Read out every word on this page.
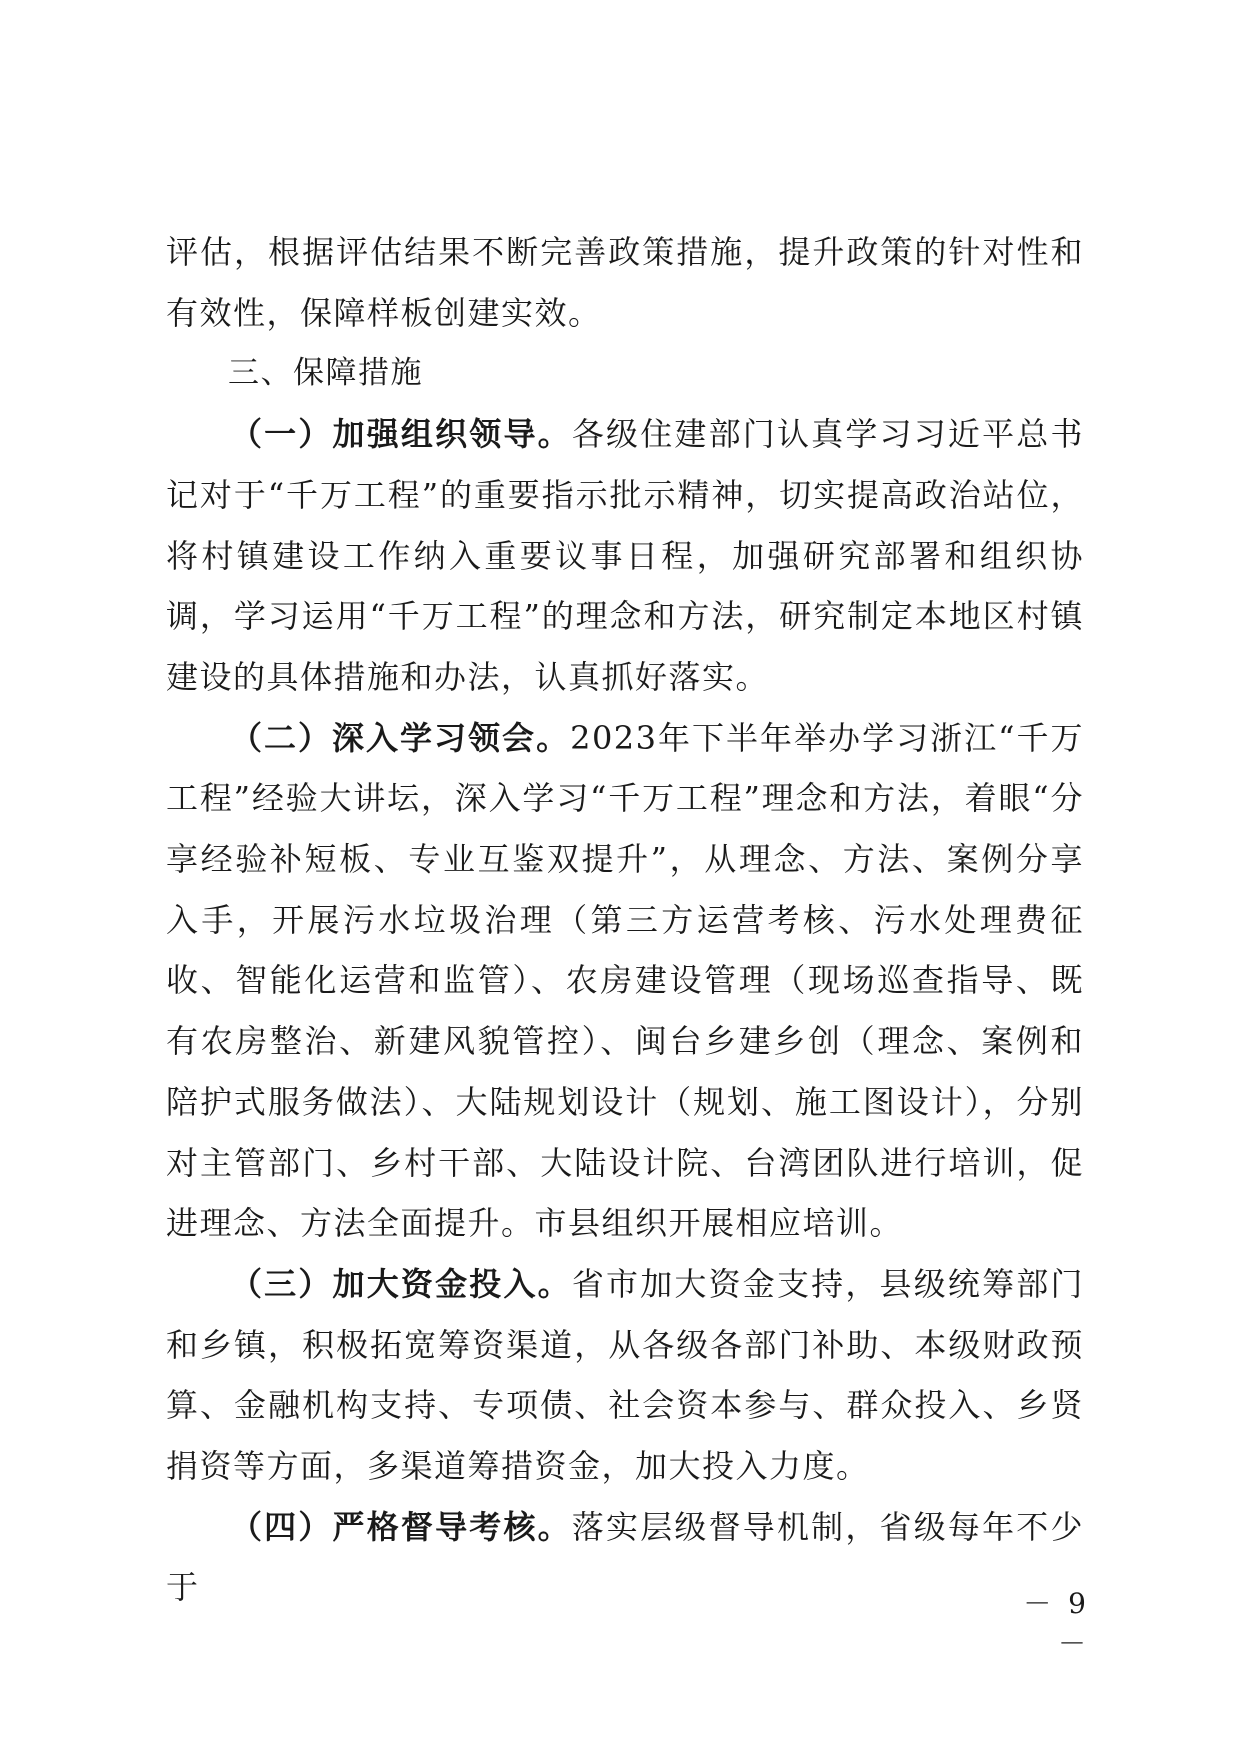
评估，根据评估结果不断完善政策措施，提升政策的针对性和有效性，保障样板创建实效。

三、保障措施

（一）加强组织领导。各级住建部门认真学习习近平总书记对于“千万工程”的重要指示批示精神，切实提高政治站位，将村镇建设工作纳入重要议事日程，加强研究部署和组织协调，学习运用“千万工程”的理念和方法，研究制定本地区村镇建设的具体措施和办法，认真抓好落实。

（二）深入学习领会。2023年下半年举办学习浙江“千万工程”经验大讲坛，深入学习“千万工程”理念和方法，着眼“分享经验补短板、专业互鉴双提升”，从理念、方法、案例分享入手，开展污水垃圾治理（第三方运营考核、污水处理费征收、智能化运营和监管）、农房建设管理（现场巡查指导、既有农房整治、新建风貌管控）、闽台乡建乡创（理念、案例和陪护式服务做法）、大陆规划设计（规划、施工图设计），分别对主管部门、乡村干部、大陆设计院、台湾团队进行培训，促进理念、方法全面提升。市县组织开展相应培训。

（三）加大资金投入。省市加大资金支持，县级统筹部门和乡镇，积极拓宽筹资渠道，从各级各部门补助、本级财政预算、金融机构支持、专项债、社会资本参与、群众投入、乡贤捐资等方面，多渠道筹措资金，加大投入力度。

（四）严格督导考核。落实层级督导机制，省级每年不少于	－ 9 －
